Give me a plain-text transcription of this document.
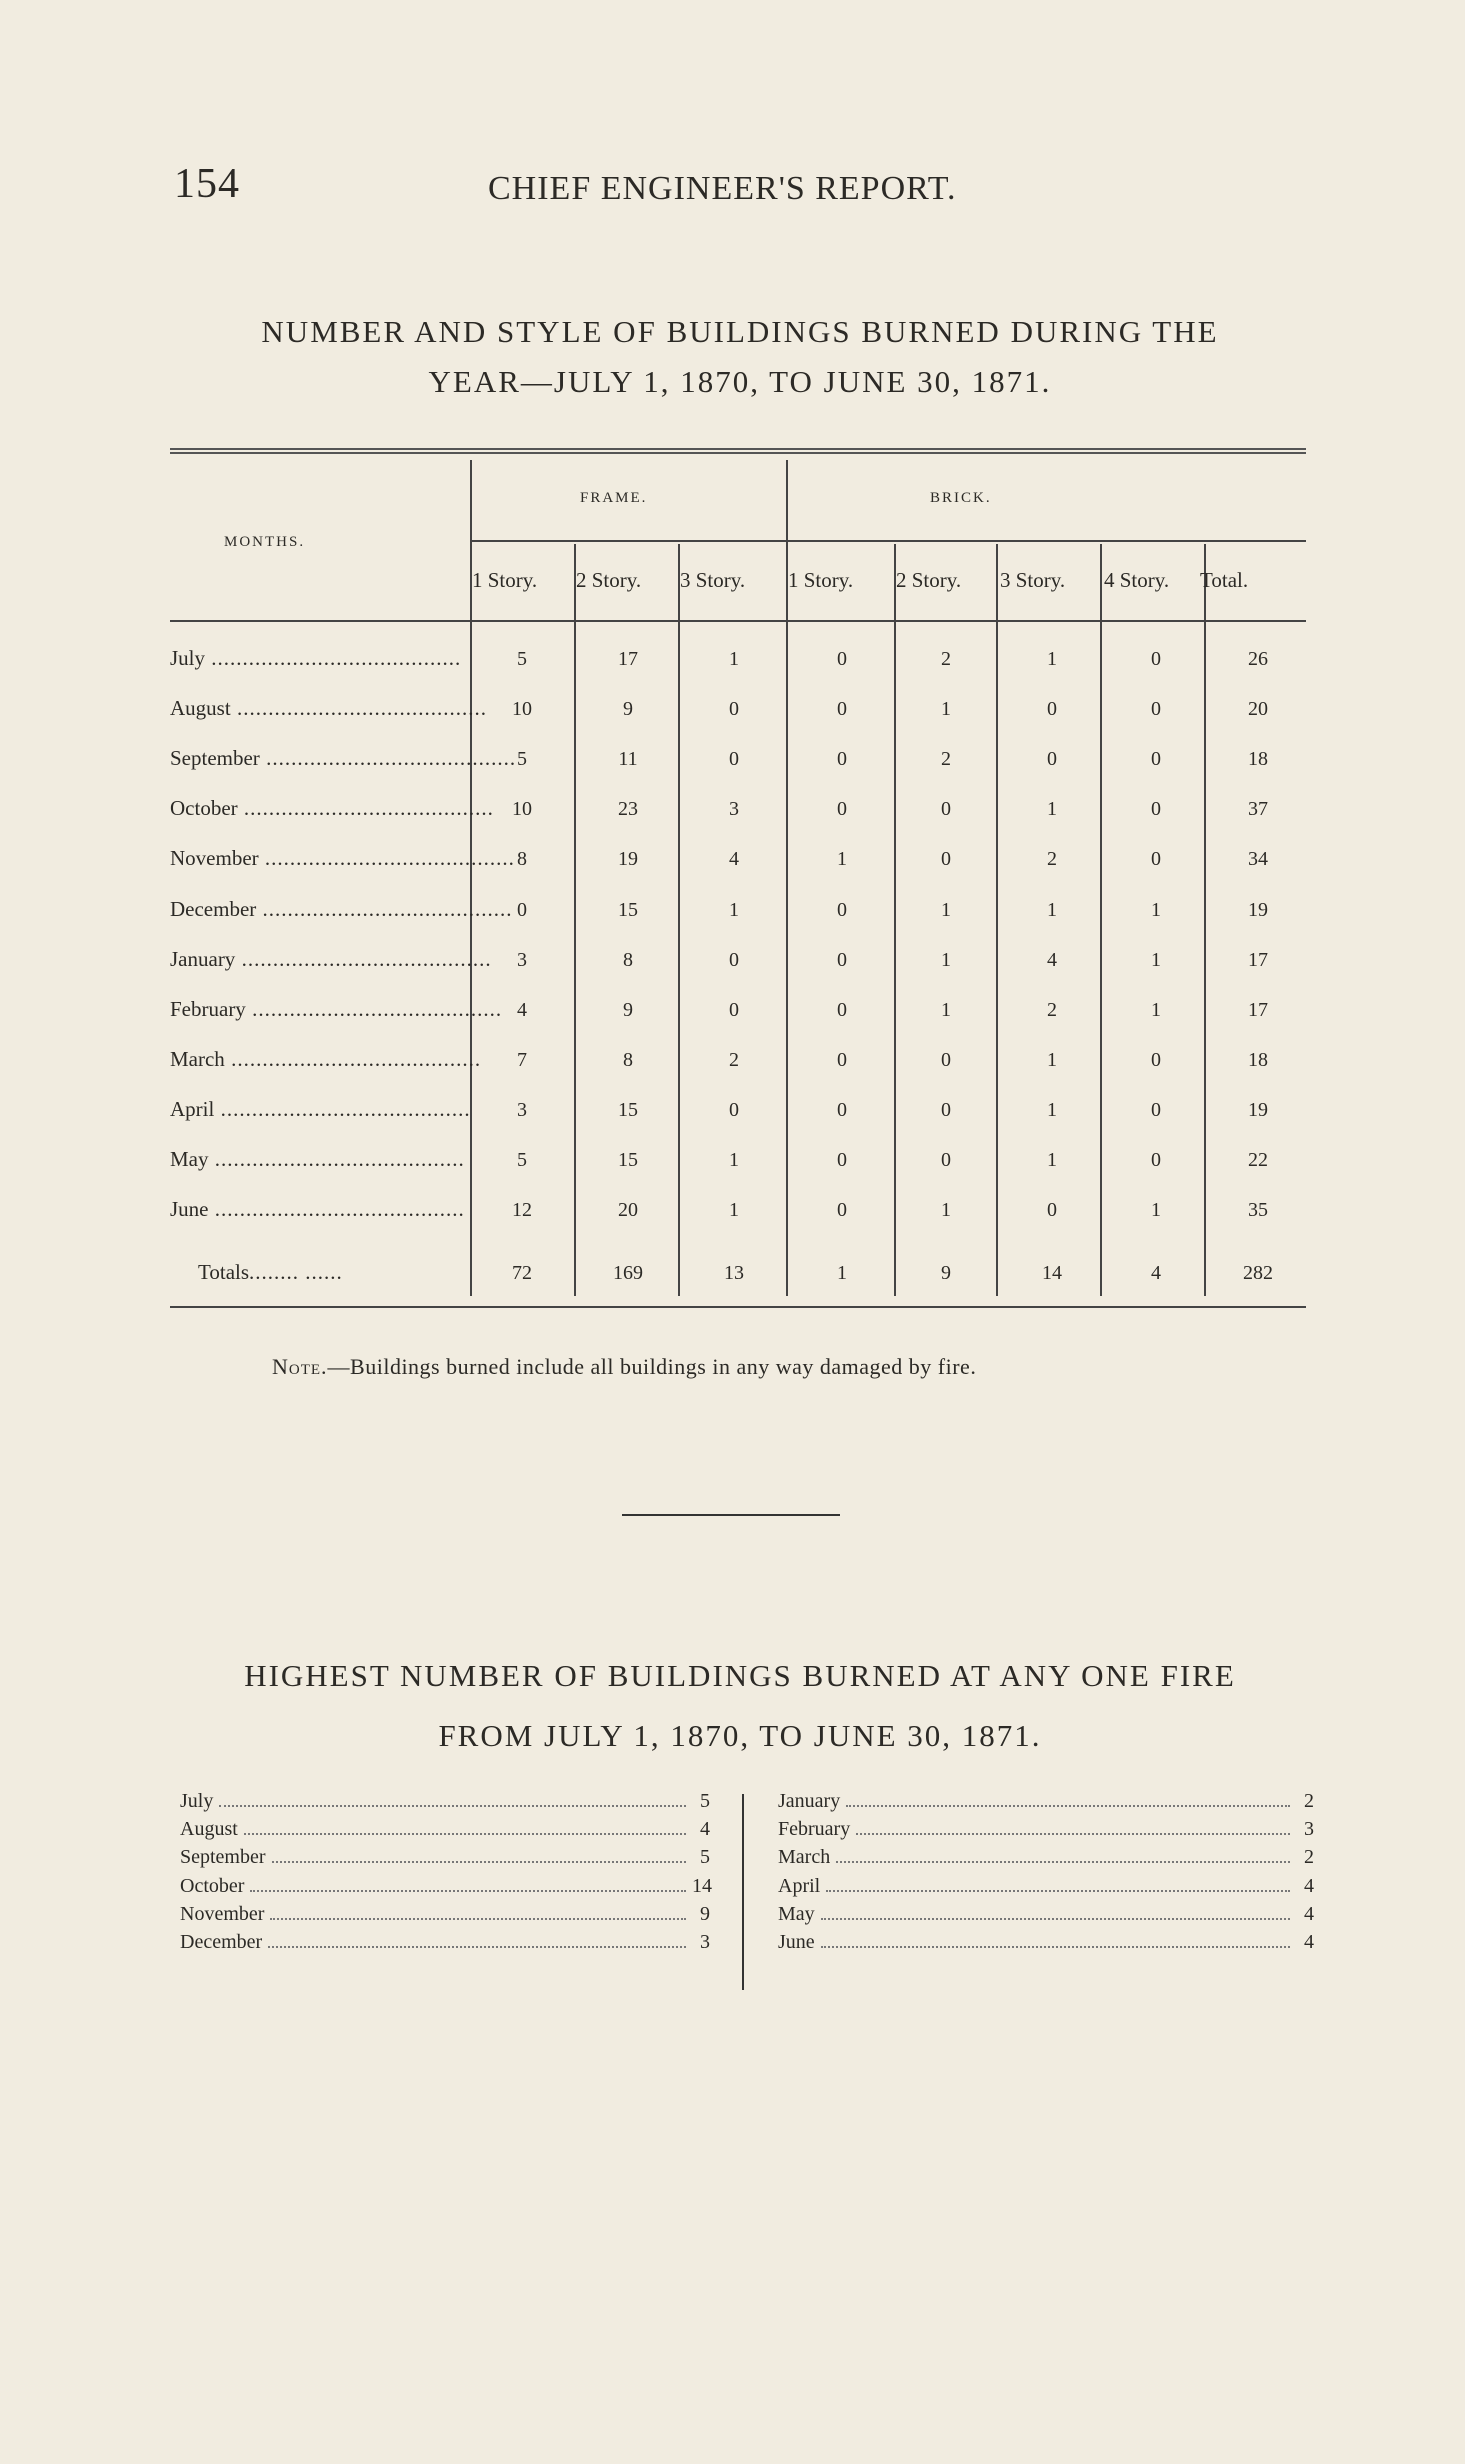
154	CHIEF ENGINEER'S REPORT.
NUMBER AND STYLE OF BUILDINGS BURNED DURING THE
YEAR—JULY 1, 1870, TO JUNE 30, 1871.
MONTHS.
FRAME.	BRICK.
1 Story. 2 Story. 3 Story. 1 Story. 2 Story. 3 Story. 4 Story. Total.
July ........................................	5	17	1	0	2	1	0	26
August ........................................	10	9	0	0	1	0	0	20
September ........................................ 5	11	0	0	2	0	0	18
October ........................................ 10	23	3	0	0	1	0	37
November ........................................ 8	19	4	1	0	2	0	34
December ........................................ 0	15	1	0	1	1	1	19
January ........................................	3	8	0	0	1	4	1	17
February ........................................ 4	9	0	0	1	2	1	17
March ........................................	7	8	2	0	0	1	0	18
April ........................................	3	15	0	0	0	1	0	19
May ........................................	5	15	1	0	0	1	0	22
June ........................................	12	20	1	0	1	0	1	35
Totals........ ......	72	169	13	1	9	14	4	282
Note.—Buildings burned include all buildings in any way damaged by fire.
HIGHEST NUMBER OF BUILDINGS BURNED AT ANY ONE FIRE
FROM JULY 1, 1870, TO JUNE 30, 1871.
July	5
August	4
September	5
October	14
November	9
December	3
January	2
February	3
March	2
April	4
May	4
June	4
